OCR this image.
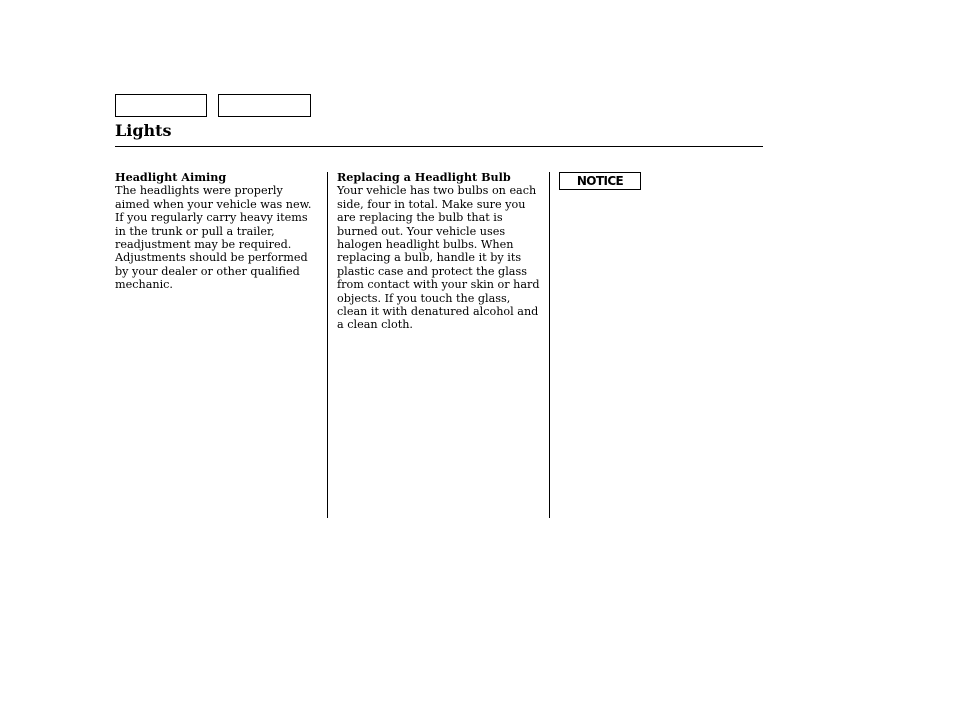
Lights
Headlight Aiming

The headlights were properly aimed when your vehicle was new. If you regularly carry heavy items in the trunk or pull a trailer, readjustment may be required. Adjustments should be performed by your dealer or other qualified mechanic.

Replacing a Headlight Bulb

Your vehicle has two bulbs on each side, four in total. Make sure you are replacing the bulb that is burned out. Your vehicle uses halogen headlight bulbs. When replacing a bulb, handle it by its plastic case and protect the glass from contact with your skin or hard objects. If you touch the glass, clean it with denatured alcohol and a clean cloth.

NOTICE
